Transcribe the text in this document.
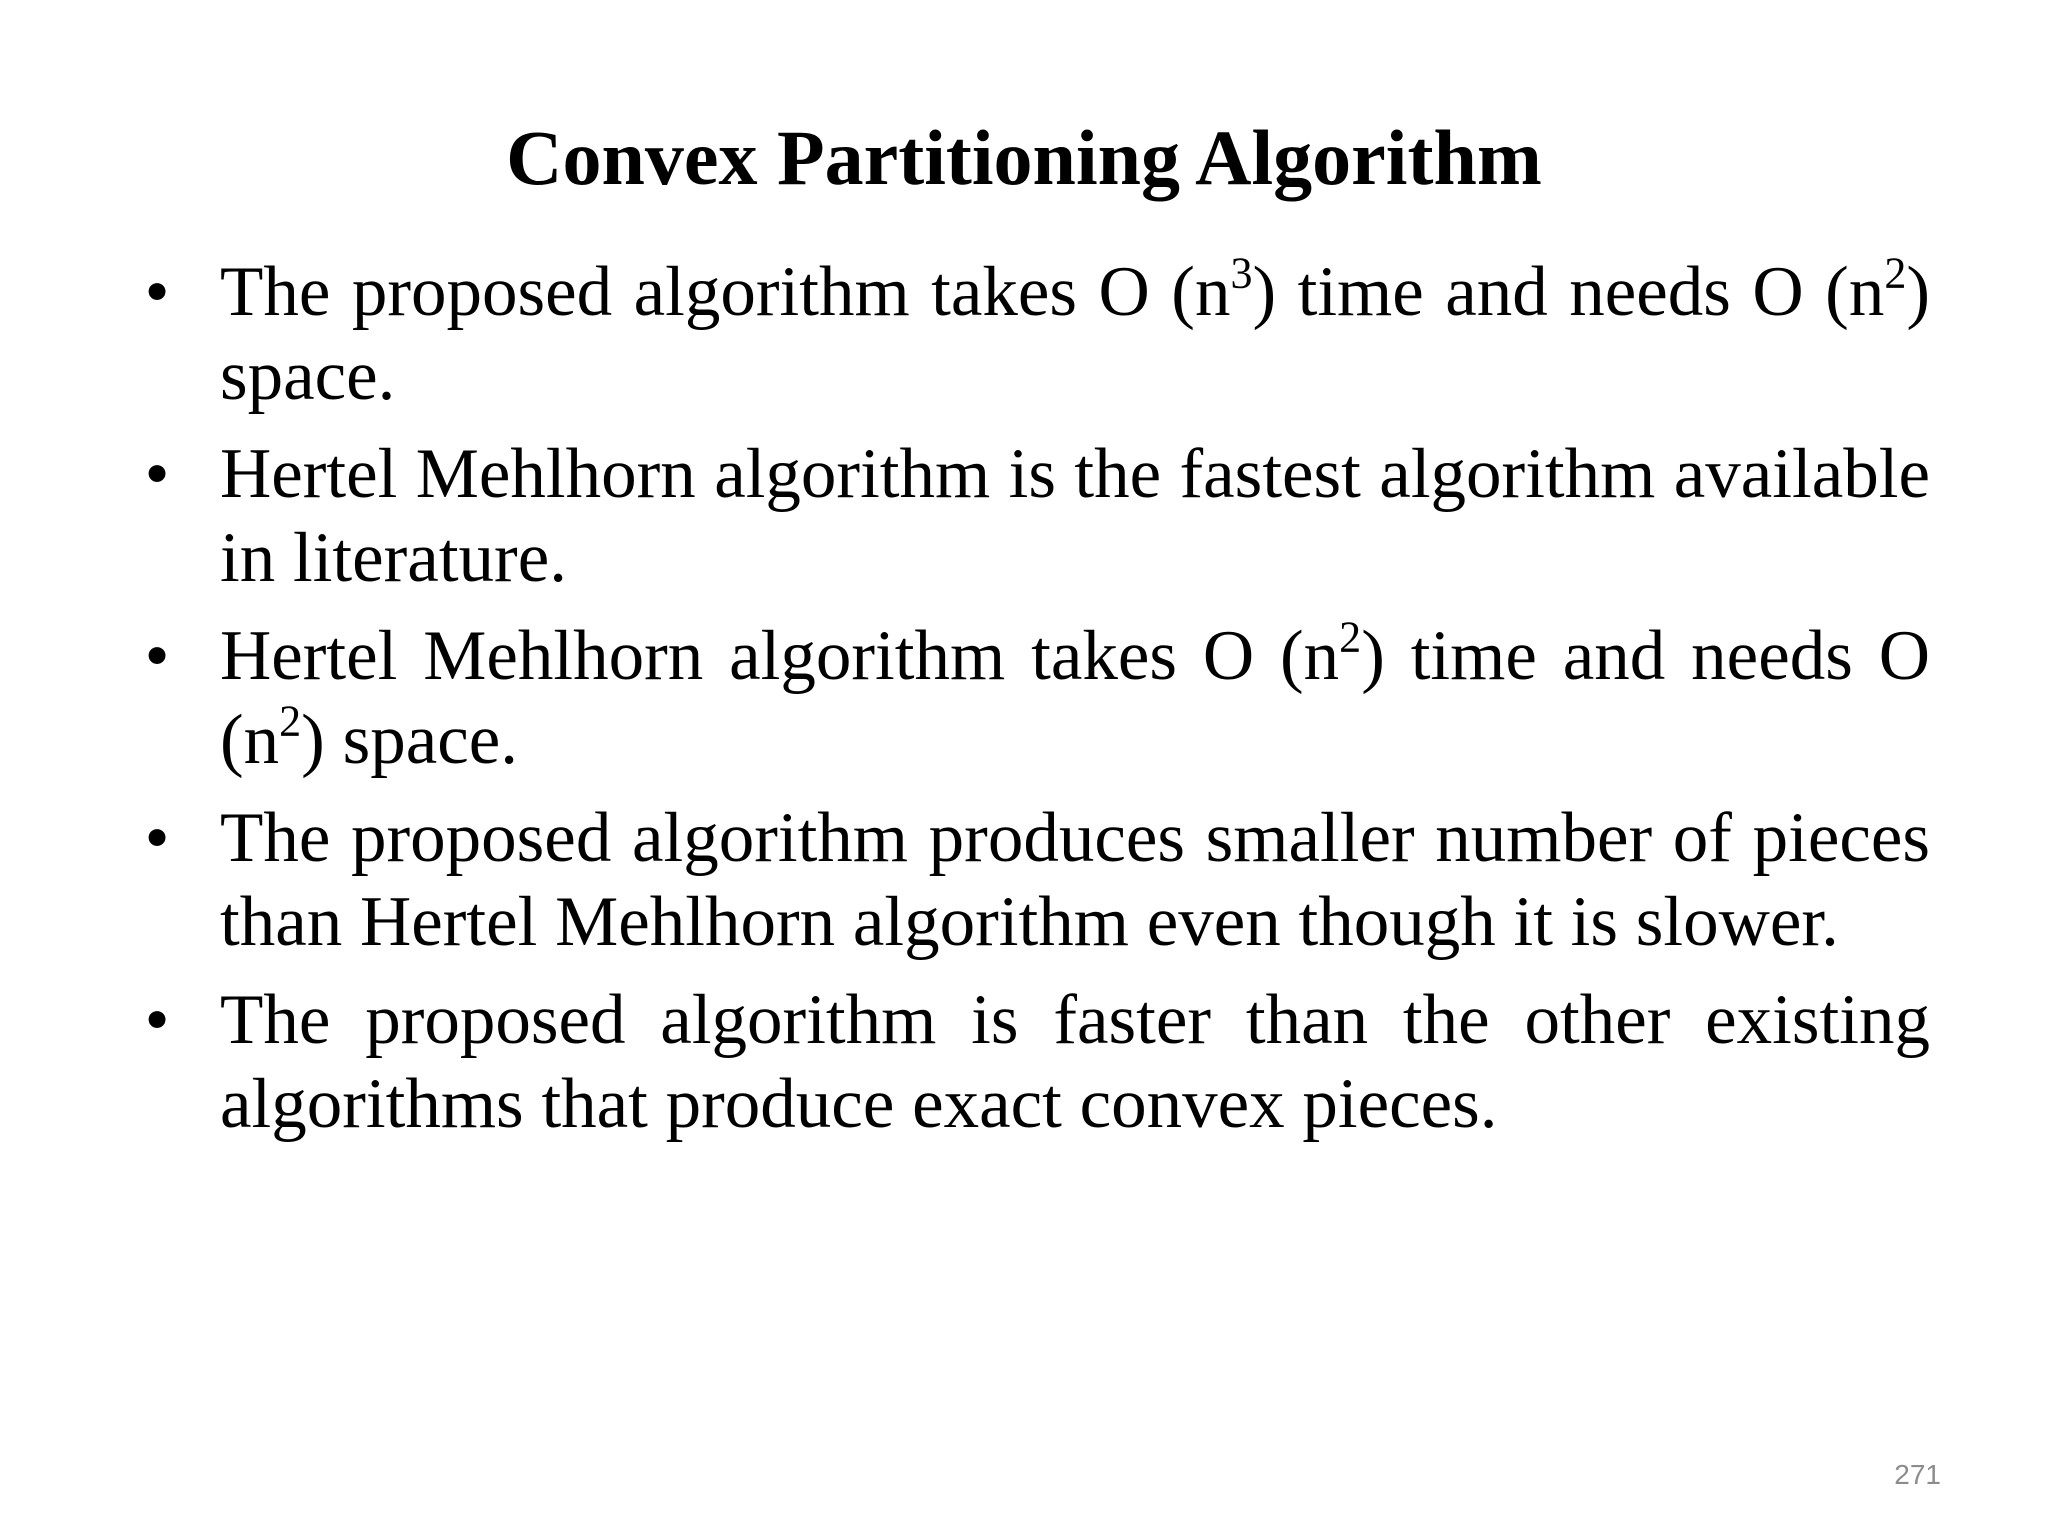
Convex Partitioning Algorithm
• The proposed algorithm takes O $(n^3)$ time and needs O $(n^2)$ space.
• Hertel Mehlhorn algorithm is the fastest algorithm available in literature.
• Hertel Mehlhorn algorithm takes O $(n^2)$ time and needs O $(n^2)$ space.
• The proposed algorithm produces smaller number of pieces than Hertel Mehlhorn algorithm even though it is slower.
• The proposed algorithm is faster than the other existing algorithms that produce exact convex pieces.
271
